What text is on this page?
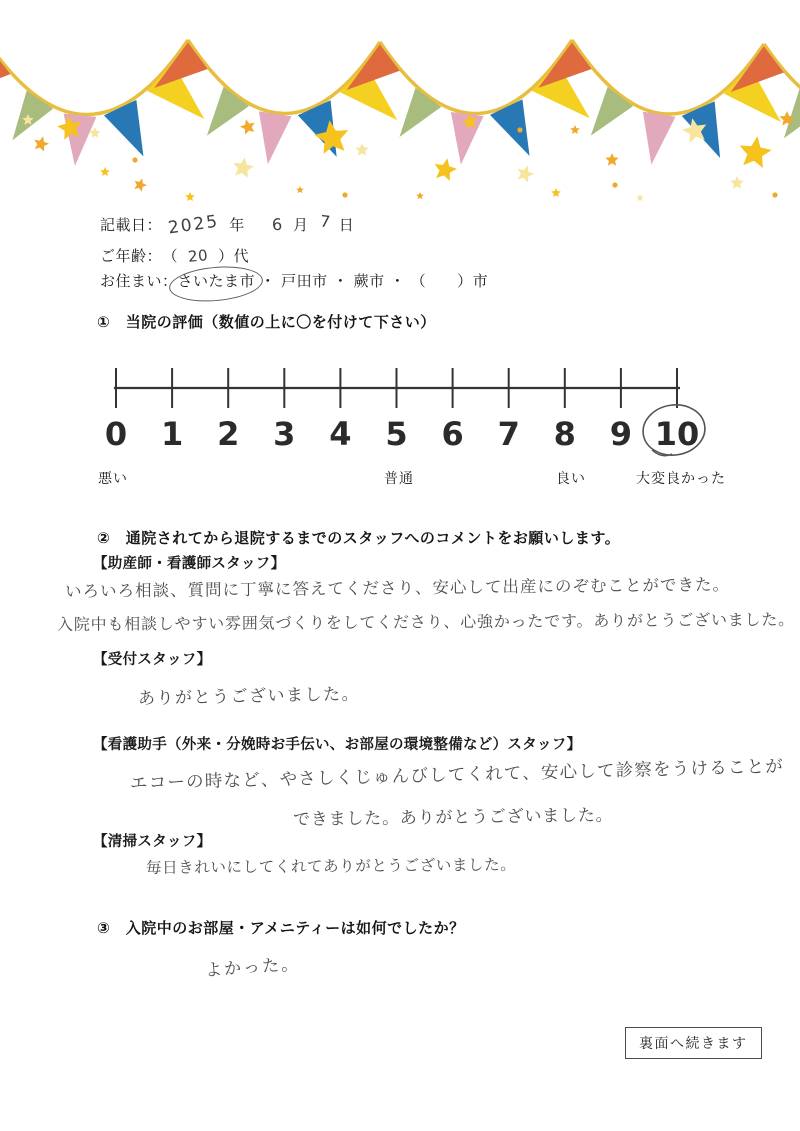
記載日： 2025 年 6 月 7 日
ご年齢： （ 20 ）代
お住まい：
さいたま市 ・ 戸田市 ・ 蕨市 ・ （　　）市
①　当院の評価（数値の上に〇を付けて下さい）
0 1 2 3 4 5 6 7 8 9 10
悪い	普通	良い	大変良かった
②　通院されてから退院するまでのスタッフへのコメントをお願いします。
【助産師・看護師スタッフ】
いろいろ相談、質問に丁寧に答えてくださり、安心して出産にのぞむことができた。
入院中も相談しやすい雰囲気づくりをしてくださり、心強かったです。ありがとうございました。
【受付スタッフ】
ありがとうございました。
【看護助手（外来・分娩時お手伝い、お部屋の環境整備など）スタッフ】
エコーの時など、やさしくじゅんびしてくれて、安心して診察をうけることが
できました。ありがとうございました。
【清掃スタッフ】
毎日きれいにしてくれてありがとうございました。
③　入院中のお部屋・アメニティーは如何でしたか？
よかった。
裏面へ続きます
